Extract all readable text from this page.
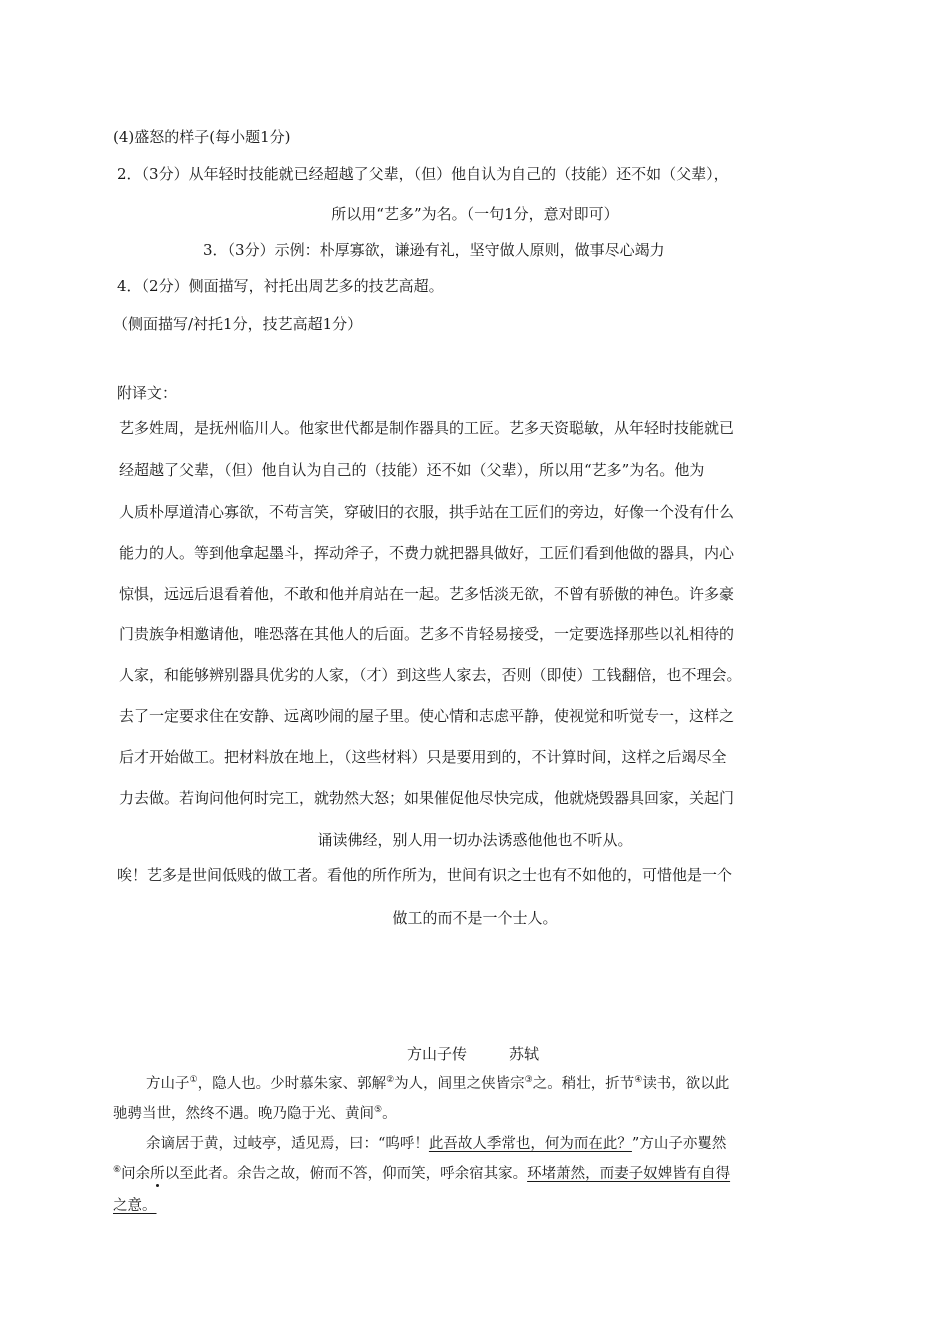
(4)盛怒的样子(每小题1分)
2．（3分）从年轻时技能就已经超越了父辈，（但）他自认为自己的（技能）还不如（父辈），
所以用“艺多”为名。（一句1分，意对即可）
3．（3分）示例：朴厚寡欲，谦逊有礼，坚守做人原则，做事尽心竭力
4．（2分）侧面描写，衬托出周艺多的技艺高超。
（侧面描写/衬托1分，技艺高超1分）
附译文：
艺多姓周，是抚州临川人。他家世代都是制作器具的工匠。艺多天资聪敏，从年轻时技能就已
经超越了父辈，（但）他自认为自己的（技能）还不如（父辈），所以用“艺多”为名。他为
人质朴厚道清心寡欲，不苟言笑，穿破旧的衣服，拱手站在工匠们的旁边，好像一个没有什么
能力的人。等到他拿起墨斗，挥动斧子，不费力就把器具做好，工匠们看到他做的器具，内心
惊惧，远远后退看着他，不敢和他并肩站在一起。艺多恬淡无欲，不曾有骄傲的神色。许多豪
门贵族争相邀请他，唯恐落在其他人的后面。艺多不肯轻易接受，一定要选择那些以礼相待的
人家，和能够辨别器具优劣的人家，（才）到这些人家去，否则（即使）工钱翻倍，也不理会。
去了一定要求住在安静、远离吵闹的屋子里。使心情和志虑平静，使视觉和听觉专一，这样之
后才开始做工。把材料放在地上，（这些材料）只是要用到的，不计算时间，这样之后竭尽全
力去做。若询问他何时完工，就勃然大怒；如果催促他尽快完成，他就烧毁器具回家，关起门
诵读佛经，别人用一切办法诱惑他他也不听从。
唉！艺多是世间低贱的做工者。看他的所作所为，世间有识之士也有不如他的，可惜他是一个
做工的而不是一个士人。
方山子传	苏轼
方山子①，隐人也。少时慕朱家、郭解②为人，闾里之侠皆宗③之。稍壮，折节④读书，欲以此
驰骋当世，然终不遇。晚乃隐于光、黄间⑤。
余谪居于黄，过岐亭，适见焉，曰：“呜呼！此吾故人季常也，何为而在此？”方山子亦矍然
⑥问余所以至此者。余告之故，俯而不答，仰而笑，呼余宿其家。环堵萧然，而妻子奴婢皆有自得
之意。
